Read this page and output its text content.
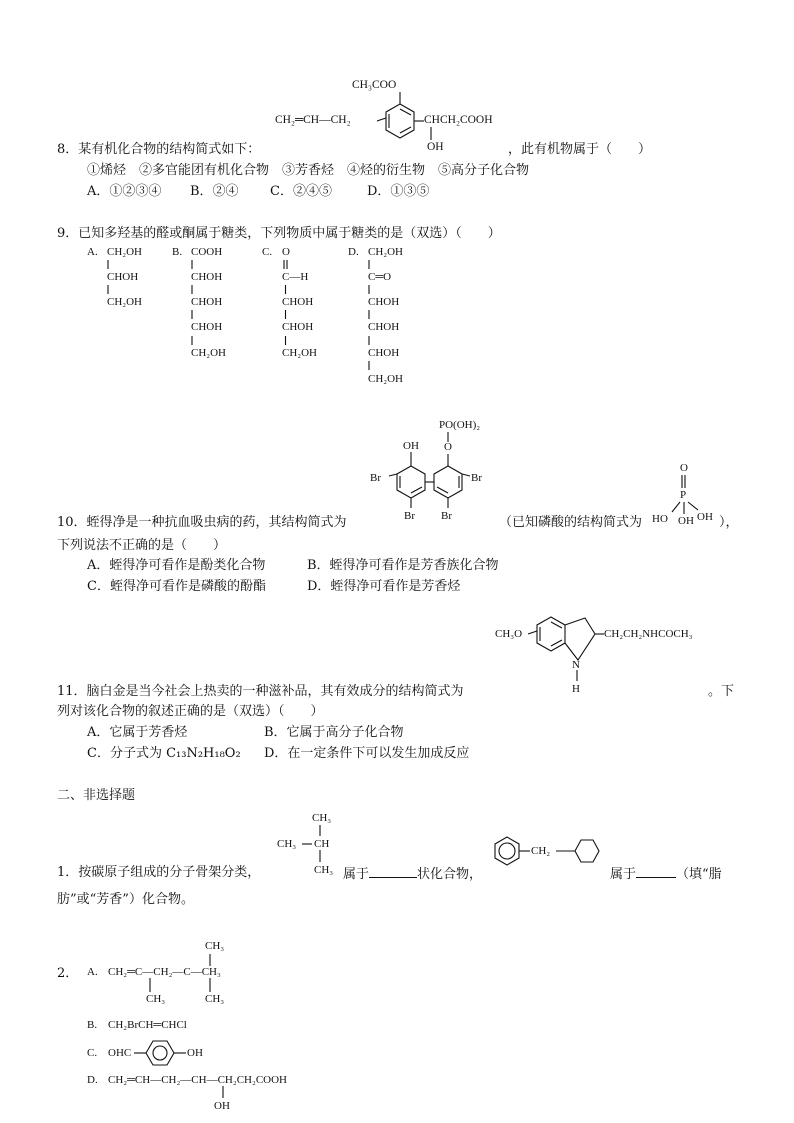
CH₃COO
CH₂═CH—CH₂	CHCH₂COOH
OH
8．某有机化合物的结构简式如下：	，此有机物属于（　　）
①烯烃　②多官能团有机化合物　③芳香烃　④烃的衍生物　⑤高分子化合物
A．①②③④ B．②④ C．②④⑤	D．①③⑤
9．已知多羟基的醛或酮属于糖类，下列物质中属于糖类的是（双选）（　　）
A. CH₂OH
CHOH
CH₂OH
B. COOH
CHOH
CHOH
CHOH
CH₂OH
C. O
C—H
CHOH
CHOH
CH₂OH
D. CH₂OH
C═O
CHOH
CHOH
CHOH
CH₂OH
PO(OH)₂
O
OH
Br	Br
Br Br
10．蛭得净是一种抗血吸虫病的药，其结构简式为	（已知磷酸的结构简式为
O
P
HO OH OH ），
下列说法不正确的是（　　）
A．蛭得净可看作是酚类化合物	B．蛭得净可看作是芳香族化合物
C．蛭得净可看作是磷酸的酚酯	D．蛭得净可看作是芳香烃
CH₃O	CH₂CH₂NHCOCH₃
N
H
11．脑白金是当今社会上热卖的一种滋补品，其有效成分的结构简式为	。下
列对该化合物的叙述正确的是（双选）（　　）
A．它属于芳香烃	B．它属于高分子化合物
C．分子式为 C₁₃N₂H₁₈O₂ D．在一定条件下可以发生加成反应
二、非选择题
CH₃
CH₃ CH
CH₃
1．按碳原子组成的分子骨架分类，	属于	状化合物，
CH₂
属于	（填“脂
肪”或“芳香”）化合物。
2． A. CH₂═C—CH₂—C—CH₃
CH₃
CH₃
CH₃
B. CH₂BrCH═CHCl
C. OHC	OH
D. CH₂═CH—CH₂—CH—CH₂CH₂COOH
OH
